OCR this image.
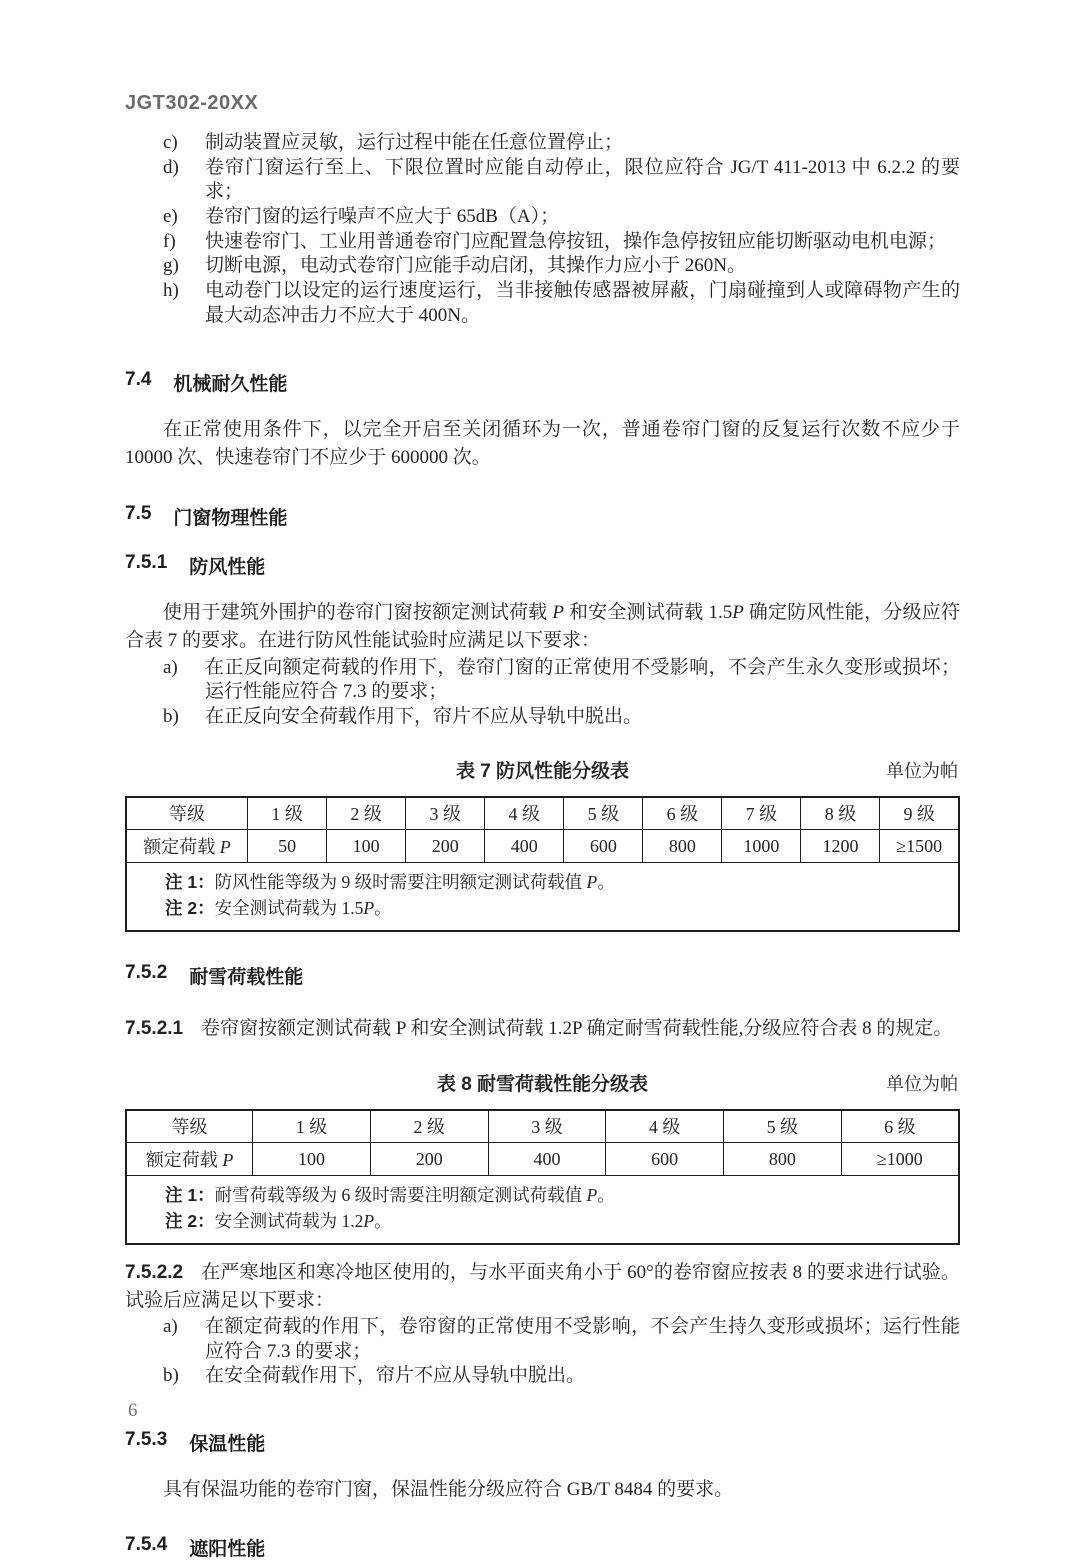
JGT302-20XX
c)	制动装置应灵敏，运行过程中能在任意位置停止；
d)	卷帘门窗运行至上、下限位置时应能自动停止，限位应符合 JG/T 411-2013 中 6.2.2 的要求；
e)	卷帘门窗的运行噪声不应大于 65dB（A）；
f)	快速卷帘门、工业用普通卷帘门应配置急停按钮，操作急停按钮应能切断驱动电机电源；
g)	切断电源，电动式卷帘门应能手动启闭，其操作力应小于 260N。
h)	电动卷门以设定的运行速度运行，当非接触传感器被屏蔽，门扇碰撞到人或障碍物产生的最大动态冲击力不应大于 400N。
7.4 机械耐久性能

在正常使用条件下，以完全开启至关闭循环为一次，普通卷帘门窗的反复运行次数不应少于 10000 次、快速卷帘门不应少于 600000 次。

7.5 门窗物理性能
7.5.1 防风性能

使用于建筑外围护的卷帘门窗按额定测试荷载 P 和安全测试荷载 1.5P 确定防风性能，分级应符合表 7 的要求。在进行防风性能试验时应满足以下要求：

a)	在正反向额定荷载的作用下，卷帘门窗的正常使用不受影响，不会产生永久变形或损坏；运行性能应符合 7.3 的要求；
b)	在正反向安全荷载作用下，帘片不应从导轨中脱出。
表 7 防风性能分级表	单位为帕
等级	1 级	2 级	3 级	4 级	5 级	6 级	7 级	8 级	9 级
额定荷载 P	50	100	200	400	600	800	1000	1200	≥1500

注 1：防风性能等级为 9 级时需要注明额定测试荷载值 P。
注 2：安全测试荷载为 1.5P。									
7.5.2 耐雪荷载性能

7.5.2.1 卷帘窗按额定测试荷载 P 和安全测试荷载 1.2P 确定耐雪荷载性能,分级应符合表 8 的规定。

表 8 耐雪荷载性能分级表	单位为帕
等级	1 级	2 级	3 级	4 级	5 级	6 级
额定荷载 P	100	200	400	600	800	≥1000

注 1：耐雪荷载等级为 6 级时需要注明额定测试荷载值 P。
注 2：安全测试荷载为 1.2P。						

7.5.2.2 在严寒地区和寒冷地区使用的，与水平面夹角小于 60°的卷帘窗应按表 8 的要求进行试验。试验后应满足以下要求：

a)	在额定荷载的作用下，卷帘窗的正常使用不受影响，不会产生持久变形或损坏；运行性能应符合 7.3 的要求；
b)	在安全荷载作用下，帘片不应从导轨中脱出。
7.5.3 保温性能

具有保温功能的卷帘门窗，保温性能分级应符合 GB/T 8484 的要求。

7.5.4 遮阳性能
6
